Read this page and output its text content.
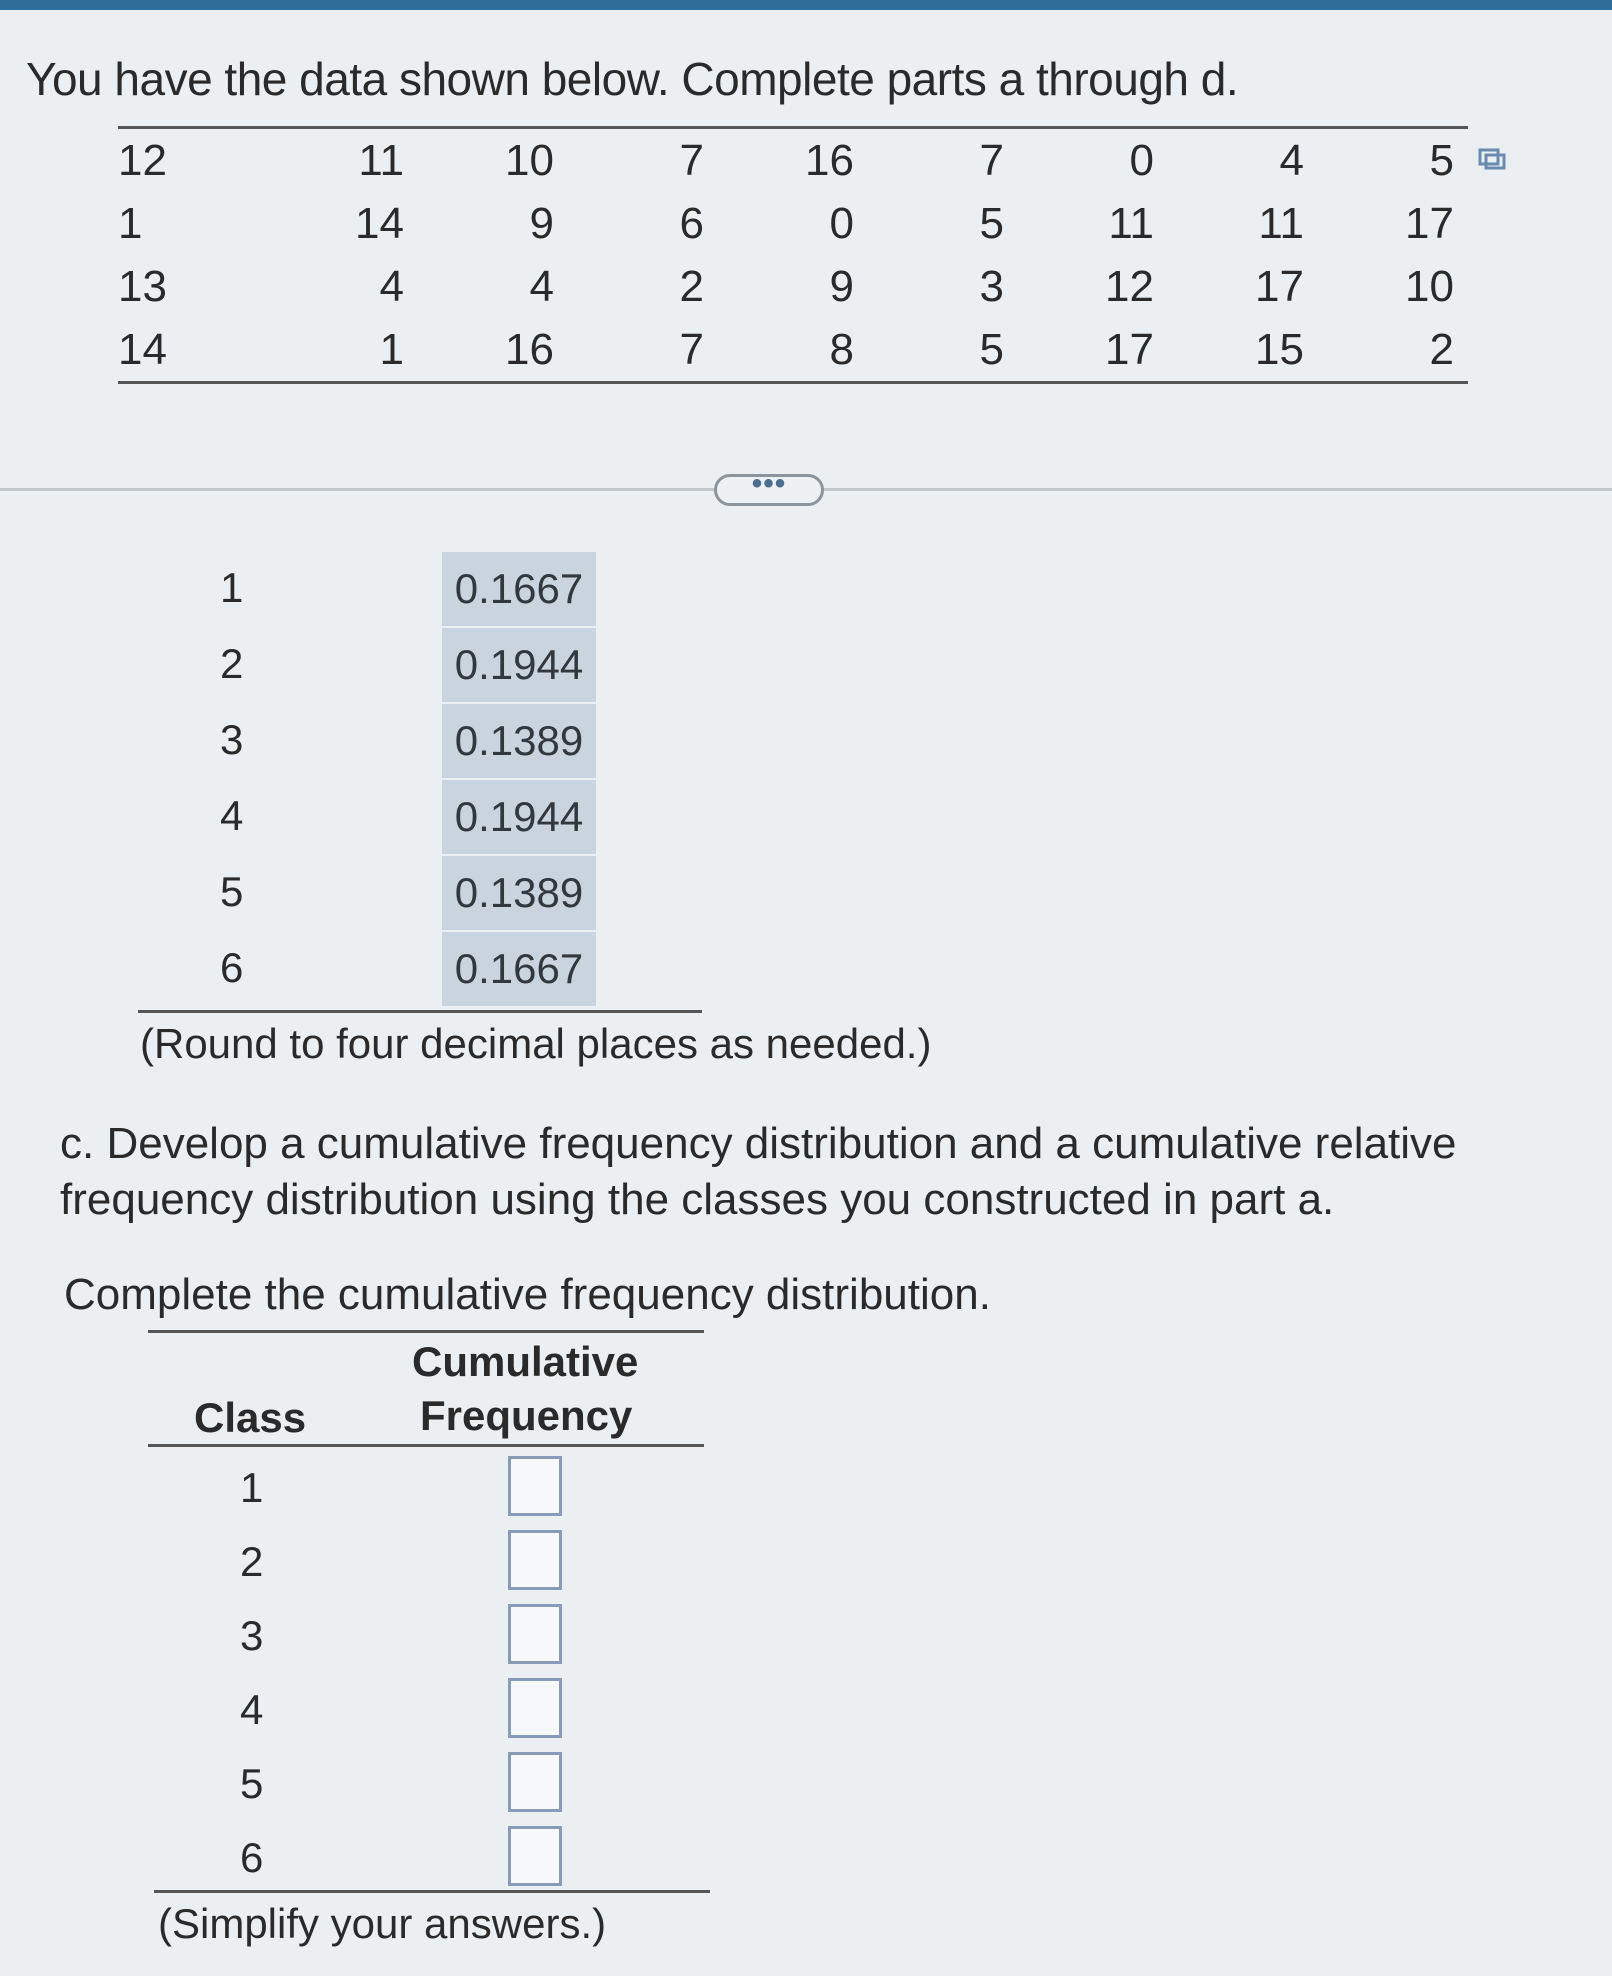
You have the data shown below. Complete parts a through d.
12	11	10	7	16	7	0	4	5
1	14	9	6	0	5	11	11	17
13	4	4	2	9	3	12	17	10
14	1	16	7	8	5	17	15	2
•••
1	0.1667
2	0.1944
3	0.1389
4	0.1944
5	0.1389
6	0.1667
(Round to four decimal places as needed.)
c. Develop a cumulative frequency distribution and a cumulative relative frequency distribution using the classes you constructed in part a.
Complete the cumulative frequency distribution.
Cumulative
Class	Frequency
1
2
3
4
5
6
(Simplify your answers.)
